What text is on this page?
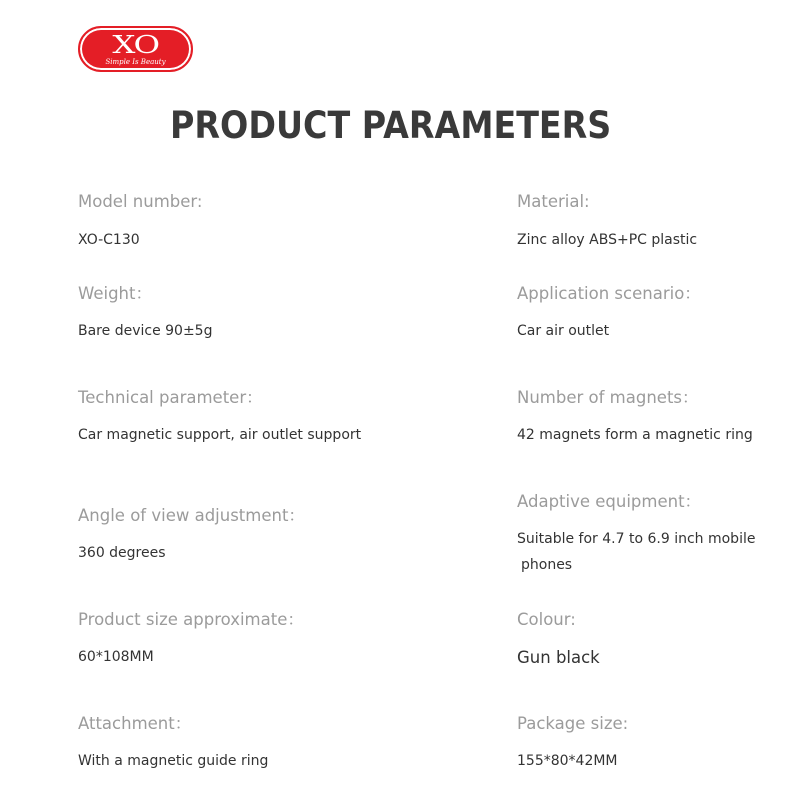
XO
Simple Is Beauty
PRODUCT PARAMETERS

Model number:

XO-C130

Material:

Zinc alloy ABS+PC plastic

Weight：

Bare device 90±5g

Application scenario：

Car air outlet

Technical parameter：

Car magnetic support, air outlet support

Number of magnets：

42 magnets form a magnetic ring

Angle of view adjustment：

360 degrees

Adaptive equipment：

Suitable for 4.7 to 6.9 inch mobile

phones

Product size approximate：

60*108MM

Colour:

Gun black

Attachment：

With a magnetic guide ring

Package size:

155*80*42MM
